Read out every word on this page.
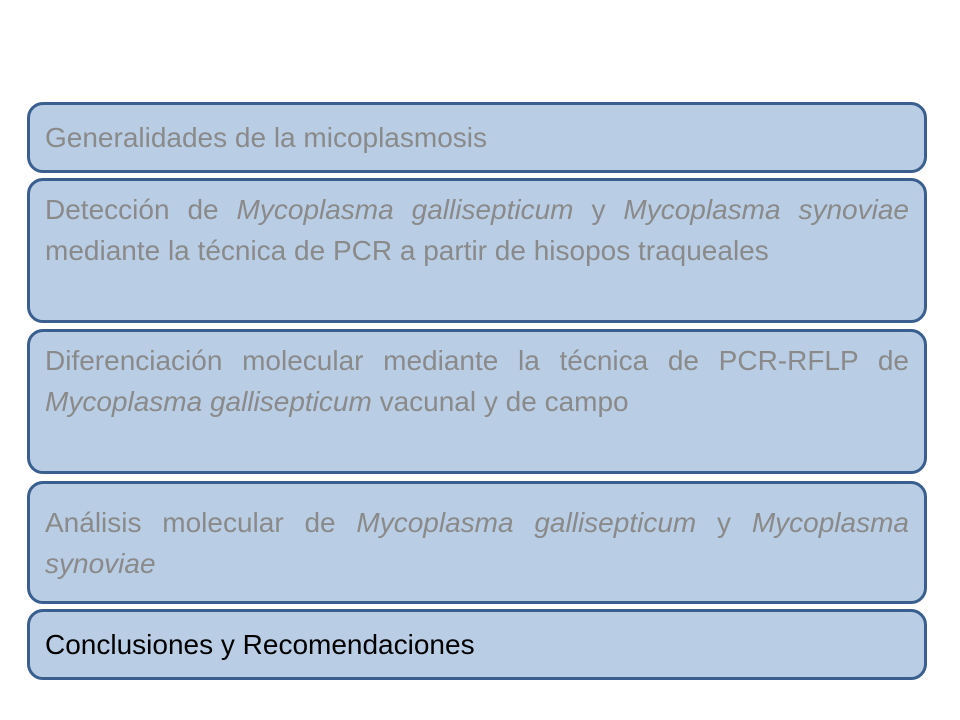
Generalidades de la micoplasmosis
Detección de Mycoplasma gallisepticum y Mycoplasma synoviae mediante la técnica de PCR a partir de hisopos traqueales
Diferenciación molecular mediante la técnica de PCR-RFLP de Mycoplasma gallisepticum vacunal y de campo
Análisis molecular de Mycoplasma gallisepticum y Mycoplasma synoviae
Conclusiones y Recomendaciones
